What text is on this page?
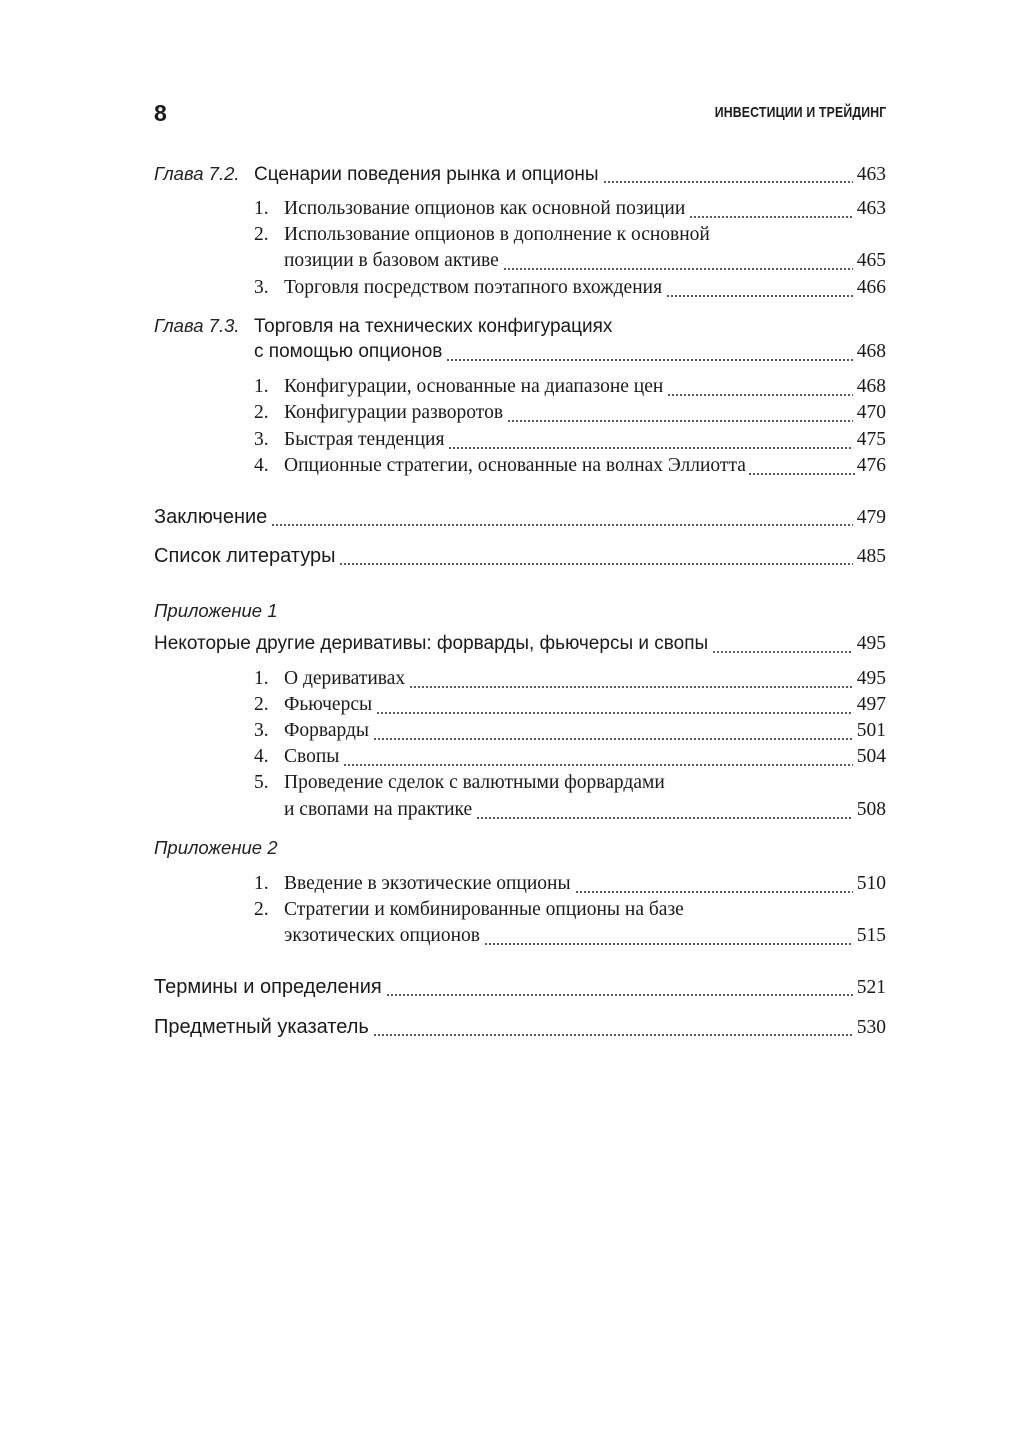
8	ИНВЕСТИЦИИ И ТРЕЙДИНГ
Глава 7.2. Сценарии поведения рынка и опционы	463
1. Использование опционов как основной позиции	463
2. Использование опционов в дополнение к основной
позиции в базовом активе	465
3. Торговля посредством поэтапного вхождения	466
Глава 7.3. Торговля на технических конфигурациях
с помощью опционов	468
1. Конфигурации, основанные на диапазоне цен	468
2. Конфигурации разворотов	470
3. Быстрая тенденция	475
4. Опционные стратегии, основанные на волнах Эллиотта	476
Заключение	479
Список литературы	485
Приложение 1
Некоторые другие деривативы: форварды, фьючерсы и свопы	495
1. О деривативах	495
2. Фьючерсы	497
3. Форварды	501
4. Свопы	504
5. Проведение сделок с валютными форвардами
и свопами на практике	508
Приложение 2
1. Введение в экзотические опционы	510
2. Стратегии и комбинированные опционы на базе
экзотических опционов	515
Термины и определения	521
Предметный указатель	530
